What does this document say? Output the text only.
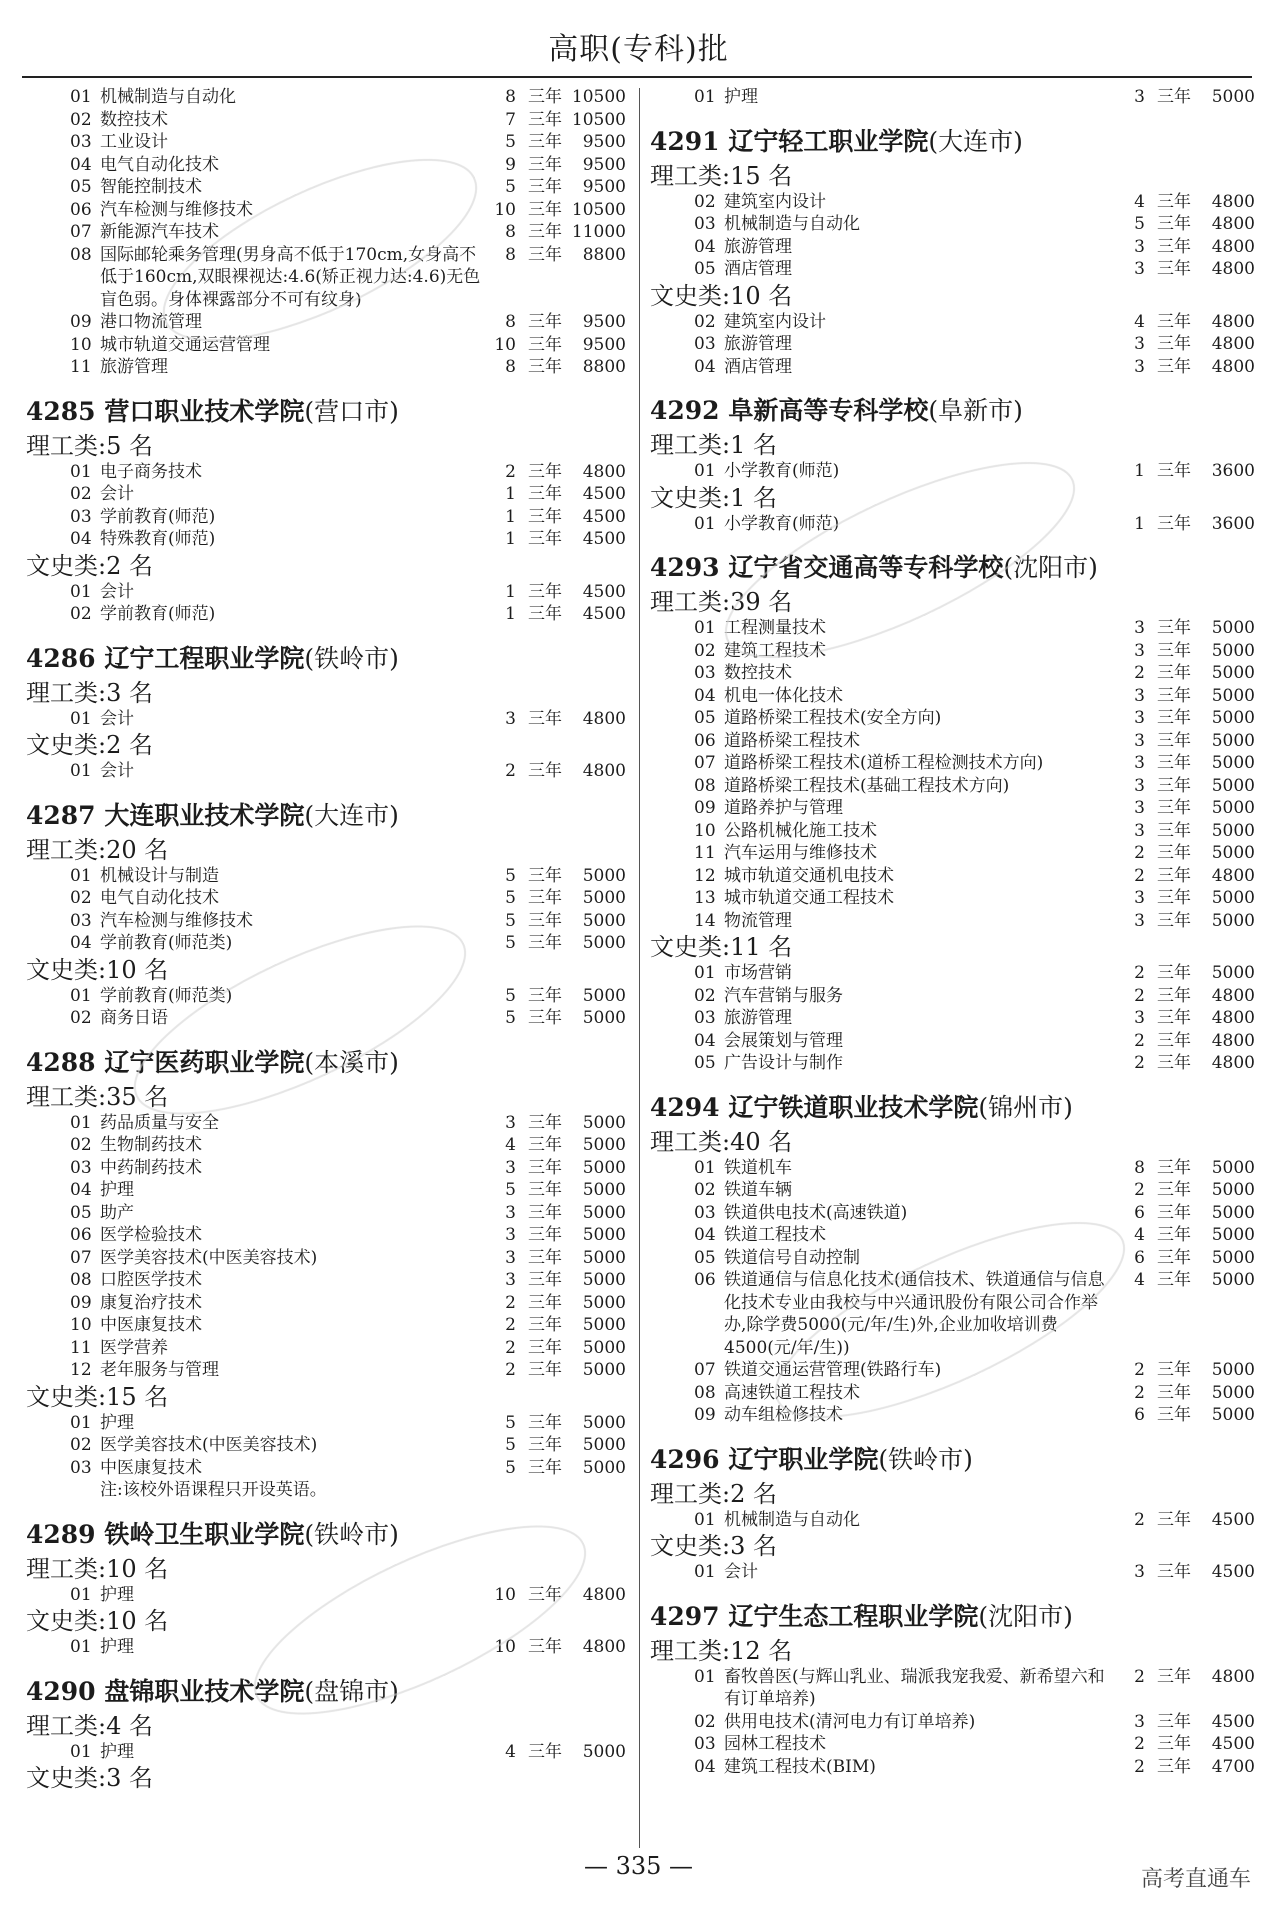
高职(专科)批
01 机械制造与自动化	8 三年 10500
02 数控技术	7 三年 10500
03 工业设计	5 三年	9500
04 电气自动化技术	9 三年	9500
05 智能控制技术	5 三年	9500
06 汽车检测与维修技术	10 三年 10500
07 新能源汽车技术	8 三年 11000
08 国际邮轮乘务管理(男身高不低于170cm,女身高不低于160cm,双眼裸视达:4.6(矫正视力达:4.6)无色盲色弱。身体裸露部分不可有纹身)
8 三年	8800
09 港口物流管理	8 三年	9500
10 城市轨道交通运营管理	10 三年	9500
11 旅游管理	8 三年	8800
4285 营口职业技术学院(营口市)
理工类:5 名
01 电子商务技术	2 三年	4800
02 会计	1 三年	4500
03 学前教育(师范)	1 三年	4500
04 特殊教育(师范)	1 三年	4500
文史类:2 名
01 会计	1 三年	4500
02 学前教育(师范)	1 三年	4500
4286 辽宁工程职业学院(铁岭市)
理工类:3 名
01 会计	3 三年	4800
文史类:2 名
01 会计	2 三年	4800
4287 大连职业技术学院(大连市)
理工类:20 名
01 机械设计与制造	5 三年	5000
02 电气自动化技术	5 三年	5000
03 汽车检测与维修技术	5 三年	5000
04 学前教育(师范类)	5 三年	5000
文史类:10 名
01 学前教育(师范类)	5 三年	5000
02 商务日语	5 三年	5000
4288 辽宁医药职业学院(本溪市)
理工类:35 名
01 药品质量与安全	3 三年	5000
02 生物制药技术	4 三年	5000
03 中药制药技术	3 三年	5000
04 护理	5 三年	5000
05 助产	3 三年	5000
06 医学检验技术	3 三年	5000
07 医学美容技术(中医美容技术)	3 三年	5000
08 口腔医学技术	3 三年	5000
09 康复治疗技术	2 三年	5000
10 中医康复技术	2 三年	5000
11 医学营养	2 三年	5000
12 老年服务与管理	2 三年	5000
文史类:15 名
01 护理	5 三年	5000
02 医学美容技术(中医美容技术)	5 三年	5000
03 中医康复技术	5 三年	5000
注:该校外语课程只开设英语。
4289 铁岭卫生职业学院(铁岭市)
理工类:10 名
01 护理	10 三年	4800
文史类:10 名
01 护理	10 三年	4800
4290 盘锦职业技术学院(盘锦市)
理工类:4 名
01 护理	4 三年	5000
文史类:3 名
01 护理	3 三年	5000
4291 辽宁轻工职业学院(大连市)
理工类:15 名
02 建筑室内设计	4 三年	4800
03 机械制造与自动化	5 三年	4800
04 旅游管理	3 三年	4800
05 酒店管理	3 三年	4800
文史类:10 名
02 建筑室内设计	4 三年	4800
03 旅游管理	3 三年	4800
04 酒店管理	3 三年	4800
4292 阜新高等专科学校(阜新市)
理工类:1 名
01 小学教育(师范)	1 三年	3600
文史类:1 名
01 小学教育(师范)	1 三年	3600
4293 辽宁省交通高等专科学校(沈阳市)
理工类:39 名
01 工程测量技术	3 三年	5000
02 建筑工程技术	3 三年	5000
03 数控技术	2 三年	5000
04 机电一体化技术	3 三年	5000
05 道路桥梁工程技术(安全方向)	3 三年	5000
06 道路桥梁工程技术	3 三年	5000
07 道路桥梁工程技术(道桥工程检测技术方向)	3 三年	5000
08 道路桥梁工程技术(基础工程技术方向)	3 三年	5000
09 道路养护与管理	3 三年	5000
10 公路机械化施工技术	3 三年	5000
11 汽车运用与维修技术	2 三年	5000
12 城市轨道交通机电技术	2 三年	4800
13 城市轨道交通工程技术	3 三年	5000
14 物流管理	3 三年	5000
文史类:11 名
01 市场营销	2 三年	5000
02 汽车营销与服务	2 三年	4800
03 旅游管理	3 三年	4800
04 会展策划与管理	2 三年	4800
05 广告设计与制作	2 三年	4800
4294 辽宁铁道职业技术学院(锦州市)
理工类:40 名
01 铁道机车	8 三年	5000
02 铁道车辆	2 三年	5000
03 铁道供电技术(高速铁道)	6 三年	5000
04 铁道工程技术	4 三年	5000
05 铁道信号自动控制	6 三年	5000
06 铁道通信与信息化技术(通信技术、铁道通信与信息化技术专业由我校与中兴通讯股份有限公司合作举办,除学费5000(元/年/生)外,企业加收培训费4500(元/年/生))
4 三年	5000
07 铁道交通运营管理(铁路行车)	2 三年	5000
08 高速铁道工程技术	2 三年	5000
09 动车组检修技术	6 三年	5000
4296 辽宁职业学院(铁岭市)
理工类:2 名
01 机械制造与自动化	2 三年	4500
文史类:3 名
01 会计	3 三年	4500
4297 辽宁生态工程职业学院(沈阳市)
理工类:12 名
01 畜牧兽医(与辉山乳业、瑞派我宠我爱、新希望六和有订单培养)
2 三年	4800
02 供用电技术(清河电力有订单培养)	3 三年	4500
03 园林工程技术	2 三年	4500
04 建筑工程技术(BIM)	2 三年	4700
— 335 —	高考直通车
